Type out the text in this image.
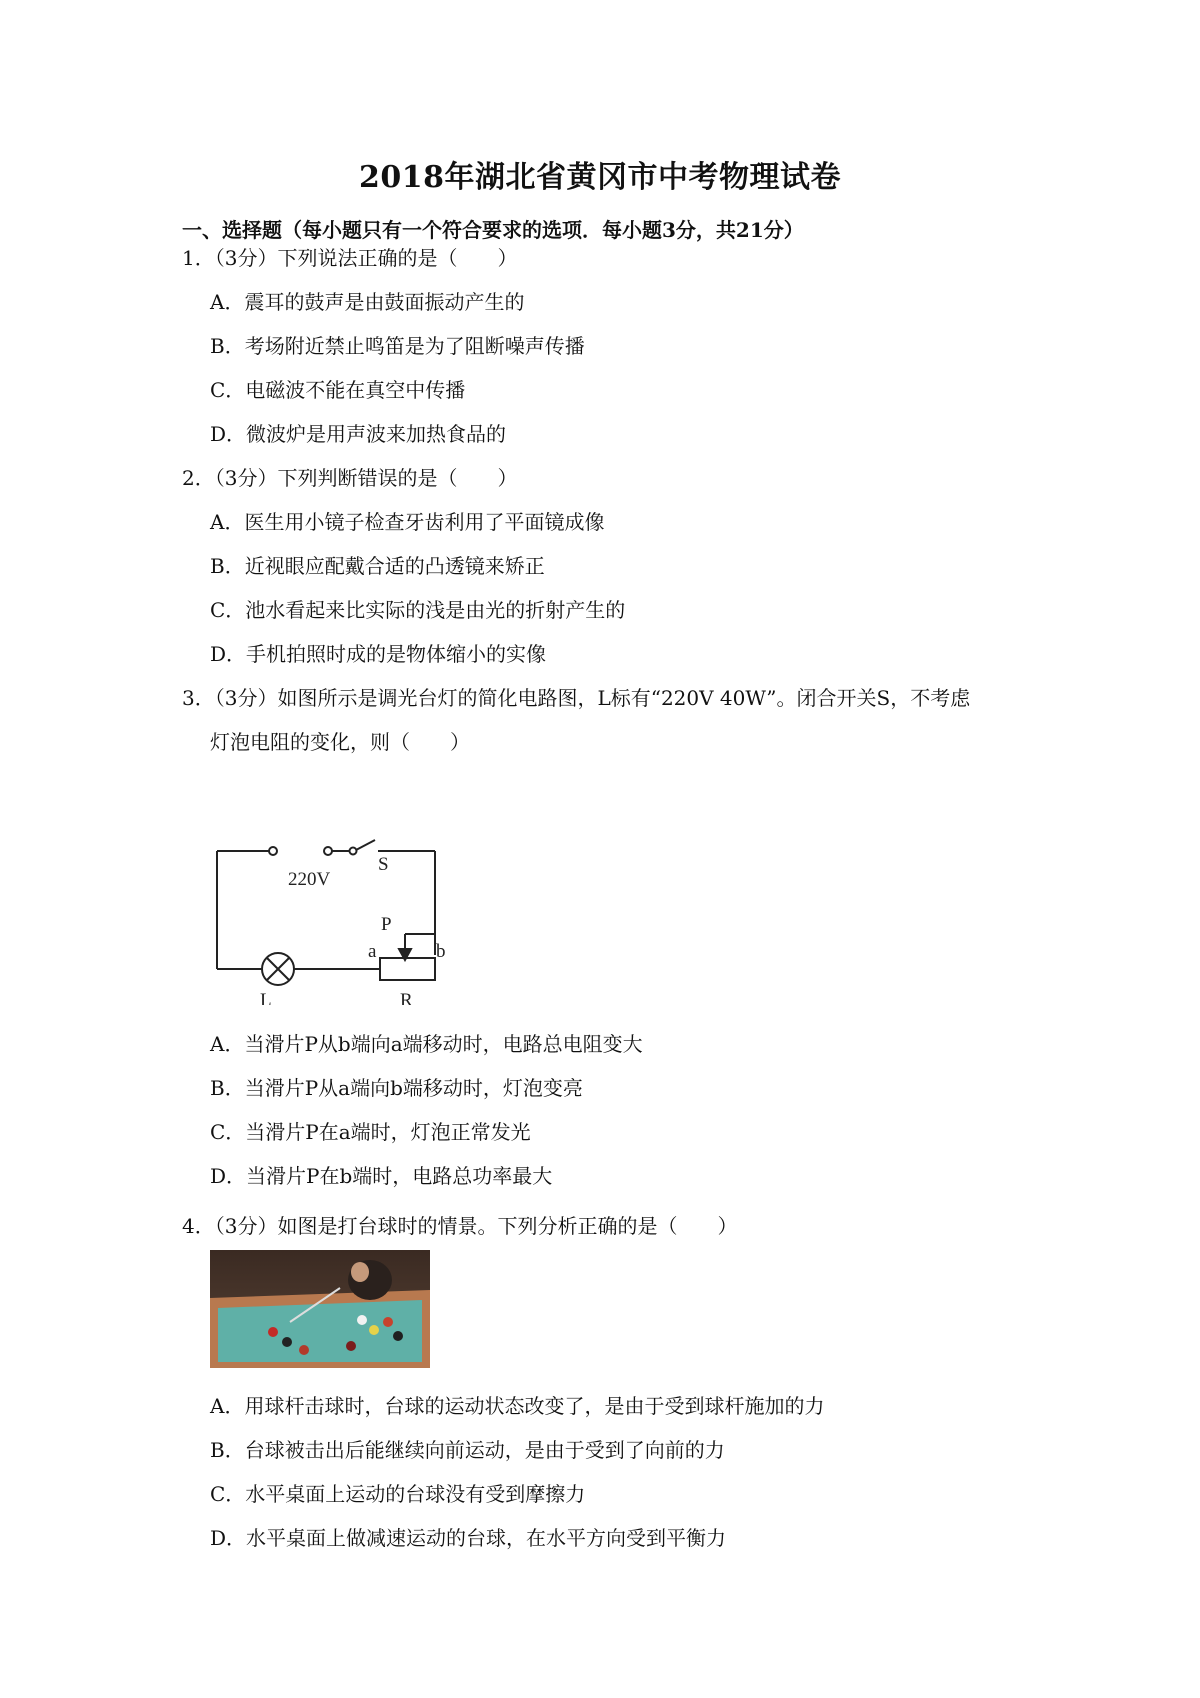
2018年湖北省黄冈市中考物理试卷
一、选择题（每小题只有一个符合要求的选项．每小题3分，共21分）
1．（3分）下列说法正确的是（　　）
A．震耳的鼓声是由鼓面振动产生的
B．考场附近禁止鸣笛是为了阻断噪声传播
C．电磁波不能在真空中传播
D．微波炉是用声波来加热食品的
2．（3分）下列判断错误的是（　　）
A．医生用小镜子检查牙齿利用了平面镜成像
B．近视眼应配戴合适的凸透镜来矫正
C．池水看起来比实际的浅是由光的折射产生的
D．手机拍照时成的是物体缩小的实像
3．（3分）如图所示是调光台灯的简化电路图，L标有“220V 40W”。闭合开关S，不考虑
灯泡电阻的变化，则（　　）
220V
S
P
a	b
L	R
A．当滑片P从b端向a端移动时，电路总电阻变大
B．当滑片P从a端向b端移动时，灯泡变亮
C．当滑片P在a端时，灯泡正常发光
D．当滑片P在b端时，电路总功率最大
4．（3分）如图是打台球时的情景。下列分析正确的是（　　）
A．用球杆击球时，台球的运动状态改变了，是由于受到球杆施加的力
B．台球被击出后能继续向前运动，是由于受到了向前的力
C．水平桌面上运动的台球没有受到摩擦力
D．水平桌面上做减速运动的台球，在水平方向受到平衡力
